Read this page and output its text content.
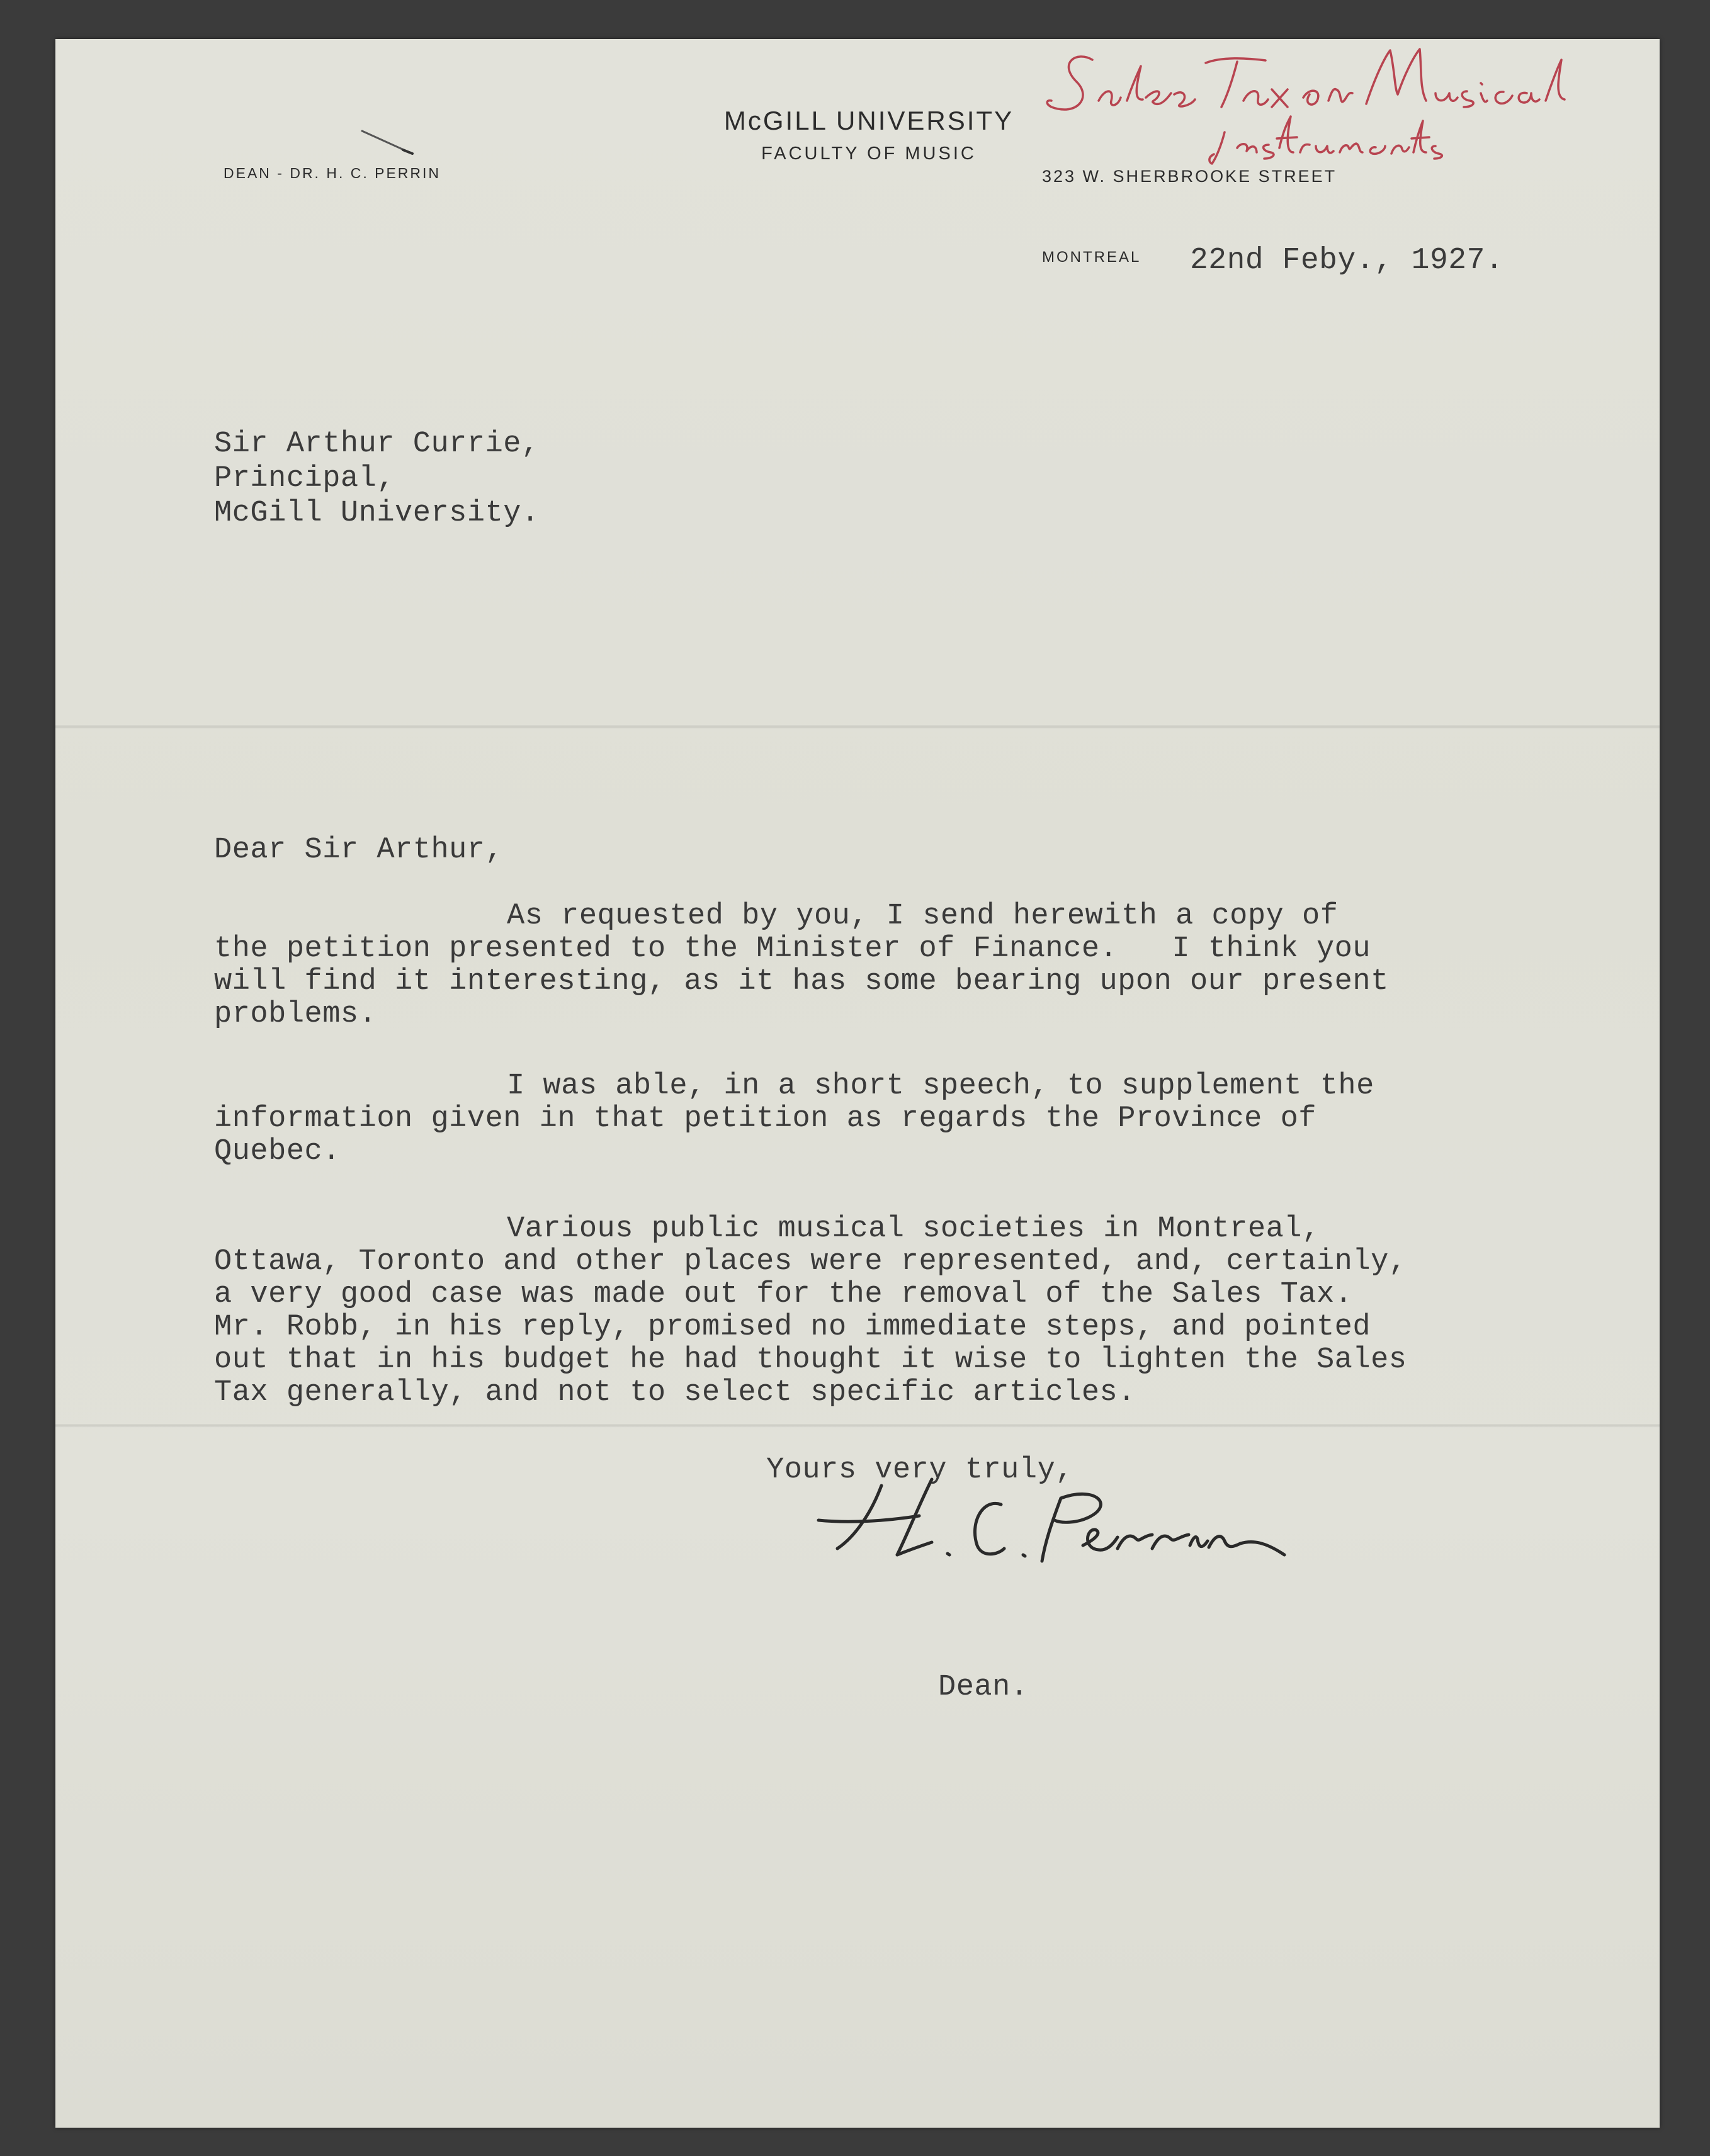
McGILL UNIVERSITY
FACULTY OF MUSIC
DEAN - DR. H. C. PERRIN	323 W. SHERBROOKE STREET
MONTREAL 22nd Feby., 1927.
Sir Arthur Currie,
Principal,
McGill University.
Dear Sir Arthur,
As requested by you, I send herewith a copy of
the petition presented to the Minister of Finance.   I think you
will find it interesting, as it has some bearing upon our present
problems.
I was able, in a short speech, to supplement the
information given in that petition as regards the Province of
Quebec.
Various public musical societies in Montreal,
Ottawa, Toronto and other places were represented, and, certainly,
a very good case was made out for the removal of the Sales Tax.
Mr. Robb, in his reply, promised no immediate steps, and pointed
out that in his budget he had thought it wise to lighten the Sales
Tax generally, and not to select specific articles.
Yours very truly,
Dean.
